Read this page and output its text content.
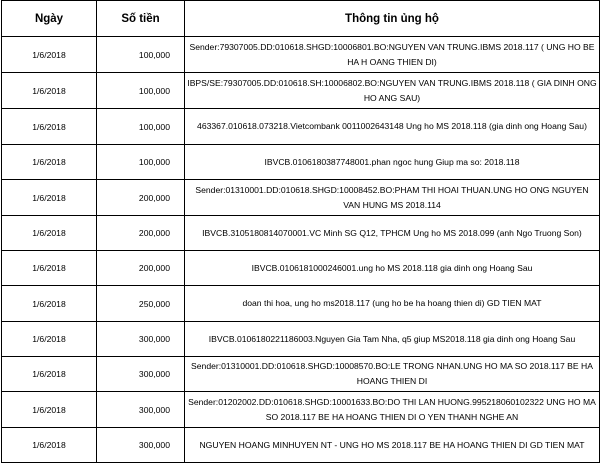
Ngày	Số tiền	Thông tin ủng hộ
1/6/2018	100,000	Sender:79307005.DD:010618.SHGD:10006801.BO:NGUYEN VAN TRUNG.IBMS 2018.117 ( UNG HO BE HA H OANG THIEN DI)
1/6/2018	100,000	IBPS/SE:79307005.DD:010618.SH:10006802.BO:NGUYEN VAN TRUNG.IBMS 2018.118 ( GIA DINH ONG HO ANG SAU)
1/6/2018	100,000	463367.010618.073218.Vietcombank 0011002643148 Ung ho MS 2018.118 (gia dinh ong Hoang Sau)
1/6/2018	100,000	IBVCB.0106180387748001.phan ngoc hung Giup ma so: 2018.118
1/6/2018	200,000	Sender:01310001.DD:010618.SHGD:10008452.BO:PHAM THI HOAI THUAN.UNG HO ONG NGUYEN VAN HUNG MS 2018.114
1/6/2018	200,000	IBVCB.3105180814070001.VC Minh SG Q12, TPHCM Ung ho MS 2018.099 (anh Ngo Truong Son)
1/6/2018	200,000	IBVCB.0106181000246001.ung ho MS 2018.118 gia dinh ong Hoang Sau
1/6/2018	250,000	doan thi hoa, ung ho ms2018.117 (ung ho be ha hoang thien di) GD TIEN MAT
1/6/2018	300,000	IBVCB.0106180221186003.Nguyen Gia Tam Nha, q5 giup MS2018.118 gia dinh ong Hoang Sau
1/6/2018	300,000	Sender:01310001.DD:010618.SHGD:10008570.BO:LE TRONG NHAN.UNG HO MA SO 2018.117 BE HA HOANG THIEN DI
1/6/2018	300,000	Sender:01202002.DD:010618.SHGD:10001633.BO:DO THI LAN HUONG.995218060102322 UNG HO MA SO 2018.117 BE HA HOANG THIEN DI O YEN THANH NGHE AN
1/6/2018	300,000	NGUYEN HOANG MINHUYEN NT - UNG HO MS 2018.117 BE HA HOANG THIEN DI GD TIEN MAT
